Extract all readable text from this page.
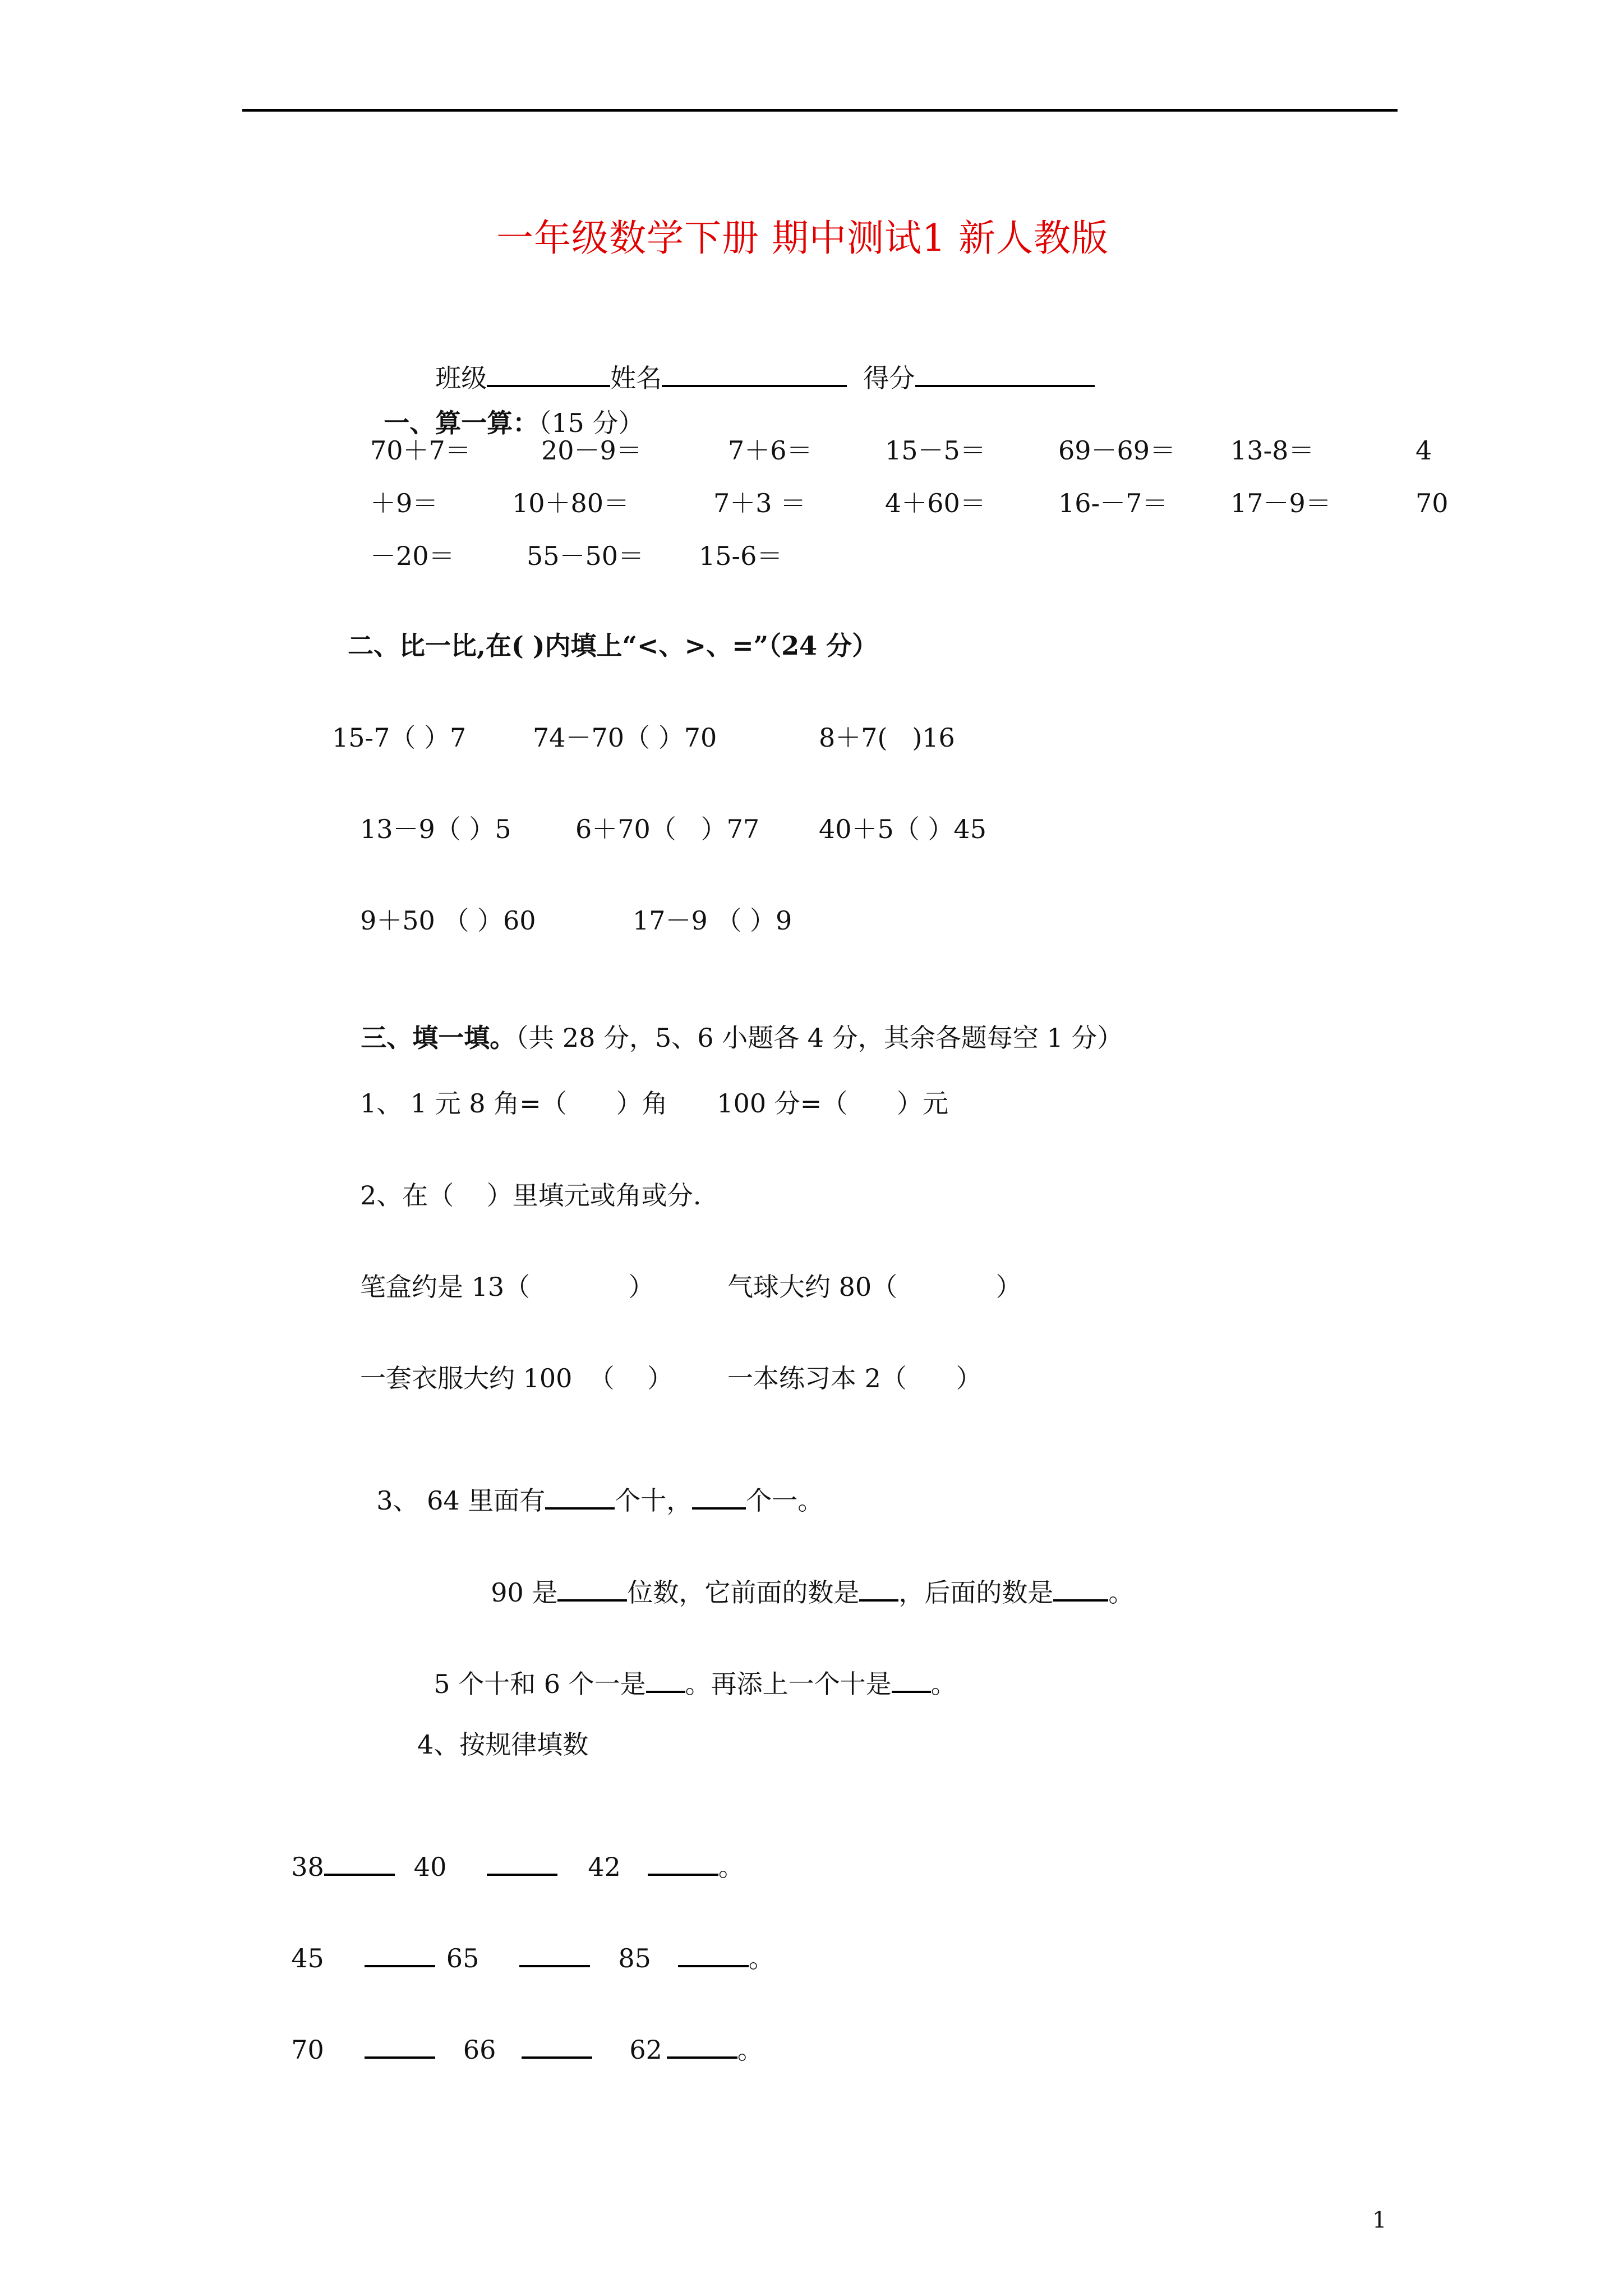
一年级数学下册 期中测试1 新人教版

班级	姓名	得分

一、算一算：（15 分）

70＋7＝	20－9＝	7＋6＝	15－5＝	69－69＝ 13-8＝	4
＋9＝	10＋80＝	7＋3 ＝	4＋60＝	16-－7＝ 17－9＝	70
－20＝	55－50＝ 15-6＝
二、比一比,在( )内填上“<、>、=”（24 分）
15-7（ ）7	74－70（ ）70	8＋7(   )16
13－9（ ）5 6＋70（   ）77 40＋5（ ）45
9＋50 （ ）60	17－9 （ ）9

三、填一填。（共 28 分，5、6 小题各 4 分，其余各题每空 1 分）

1、 1 元 8 角=（      ）角      100 分=（      ）元
2、在（    ）里填元或角或分.
笔盒约是 13（            ）	气球大约 80（            ）
一套衣服大约 100  （    ） 一本练习本 2（      ）

3、 64 里面有	个十， 个一。

90 是	位数，它前面的数是 ，后面的数是 。

5 个十和 6 个一是 。再添上一个十是 。

4、按规律填数

38	40	42	。

45	65	85	。

70	66	62	。

1
